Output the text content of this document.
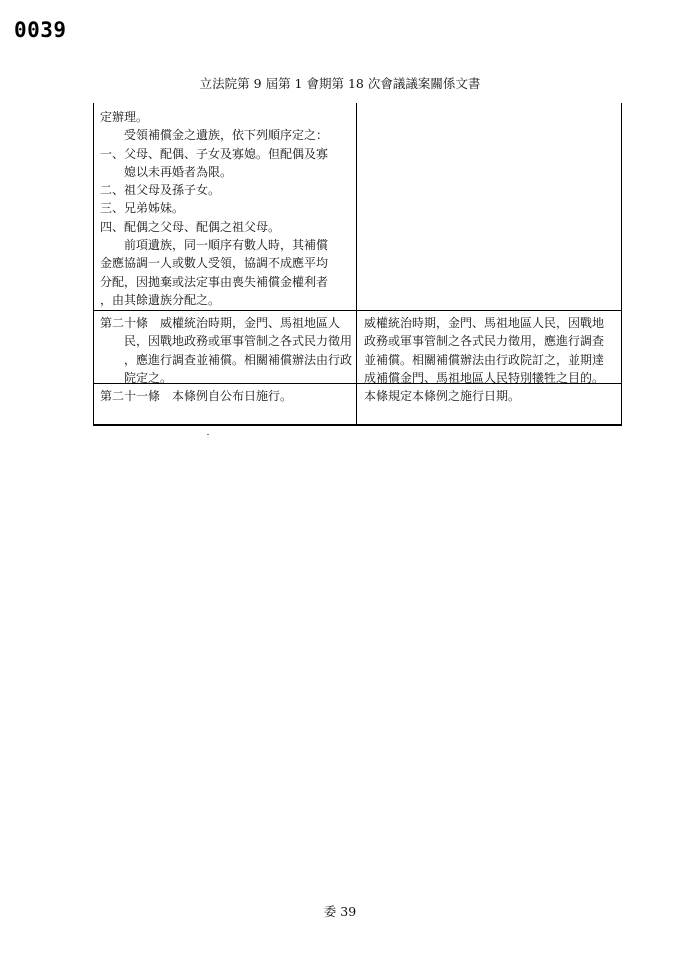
0039
立法院第 9 屆第 1 會期第 18 次會議議案關係文書
定辦理。
　　受領補償金之遺族，依下列順序定之：
一、父母、配偶、子女及寡媳。但配偶及寡
　　媳以未再婚者為限。
二、祖父母及孫子女。
三、兄弟姊妹。
四、配偶之父母、配偶之祖父母。
　　前項遺族，同一順序有數人時，其補償
金應協調一人或數人受領，協調不成應平均
分配，因拋棄或法定事由喪失補償金權利者
，由其餘遺族分配之。
第二十條　威權統治時期，金門、馬祖地區人
　　民，因戰地政務或軍事管制之各式民力徵用
　　，應進行調查並補償。相關補償辦法由行政
　　院定之。
威權統治時期，金門、馬祖地區人民，因戰地
政務或軍事管制之各式民力徵用，應進行調查
並補償。相關補償辦法由行政院訂之，並期達
成補償金門、馬祖地區人民特別犧牲之目的。
第二十一條　本條例自公布日施行。	本條規定本條例之施行日期。
委 39
